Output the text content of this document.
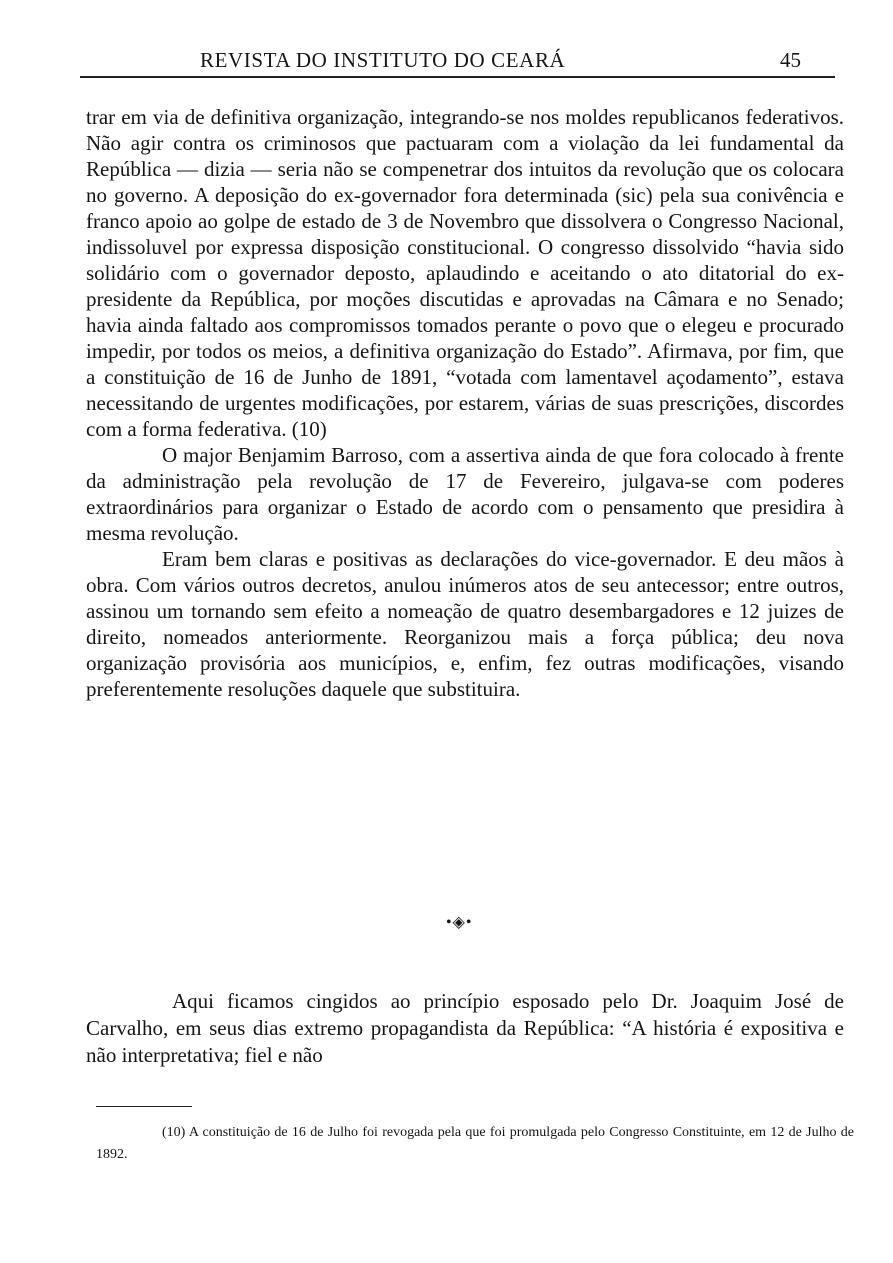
REVISTA DO INSTITUTO DO CEARÁ	45

trar em via de definitiva organização, integrando-se nos moldes republicanos federativos. Não agir contra os criminosos que pactuaram com a violação da lei fundamental da República — dizia — seria não se compenetrar dos intuitos da revolução que os colocara no governo. A deposição do ex-governador fora determinada (sic) pela sua conivência e franco apoio ao golpe de estado de 3 de Novembro que dissolvera o Congresso Nacional, indissoluvel por expressa disposição constitucional. O congresso dissolvido “havia sido solidário com o governador deposto, aplaudindo e aceitando o ato ditatorial do ex-presidente da República, por moções discutidas e aprovadas na Câmara e no Senado; havia ainda faltado aos compromissos tomados perante o povo que o elegeu e procurado impedir, por todos os meios, a definitiva organização do Estado”. Afirmava, por fim, que a constituição de 16 de Junho de 1891, “votada com lamentavel açodamento”, estava necessitando de urgentes modificações, por estarem, várias de suas prescrições, discordes com a forma federativa. (10)

O major Benjamim Barroso, com a assertiva ainda de que fora colocado à frente da administração pela revolução de 17 de Fevereiro, julgava-se com poderes extraordinários para organizar o Estado de acordo com o pensamento que presidira à mesma revolução.

Eram bem claras e positivas as declarações do vice-governador. E deu mãos à obra. Com vários outros decretos, anulou inúmeros atos de seu antecessor; entre outros, assinou um tornando sem efeito a nomeação de quatro desembargadores e 12 juizes de direito, nomeados anteriormente. Reorganizou mais a força pública; deu nova organização provisória aos municípios, e, enfim, fez outras modificações, visando preferentemente resoluções daquele que substituira.

•◈•

Aqui ficamos cingidos ao princípio esposado pelo Dr. Joaquim José de Carvalho, em seus dias extremo propagandista da República: “A história é expositiva e não interpretativa; fiel e não

(10) A constituição de 16 de Julho foi revogada pela que foi promulgada pelo Congresso Constituinte, em 12 de Julho de 1892.
